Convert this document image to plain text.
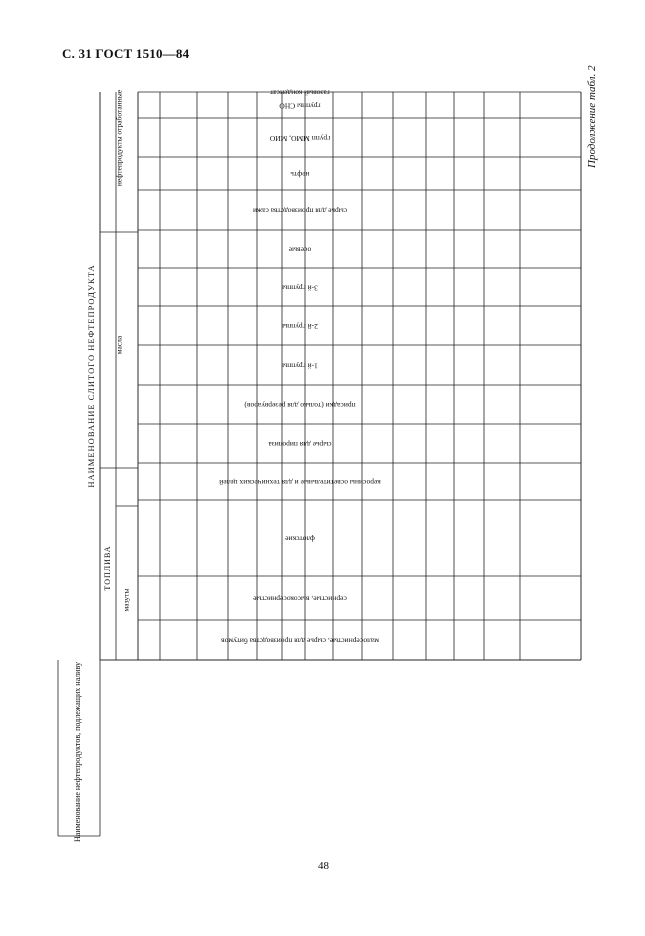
С. 31 ГОСТ 1510—84
Продолжение табл. 2
48
малосернистые, сырье для производства битумов
сернистые, высокосернистые
флотские
керосины осветительные и для технических целей
сырье для пиролиза
присадки (только для резервуаров)
1-й группы
2-й группы
3-й группы
осевые
сырье для производства сажи
нефть
групп ММО, МИО
группы СНО
газовый конденсат
НАИМЕНОВАНИЕ СЛИТОГО НЕФТЕПРОДУКТА
ТОПЛИВА
мазуты
масла
нефтепродукты отработанные
Наименование нефтепродуктов, подлежащих наливу
